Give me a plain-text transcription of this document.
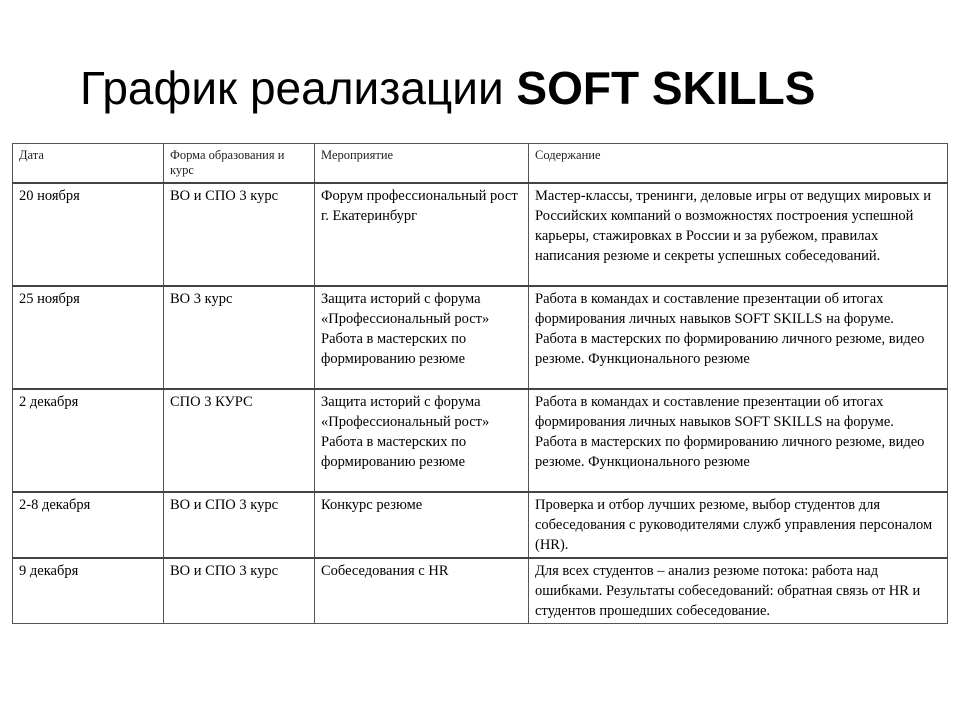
График реализации SOFT SKILLS
Дата	Форма образования и курс	Мероприятие	Содержание
20 ноября	ВО и СПО 3 курс	Форум профессиональный рост г. Екатеринбург	Мастер-классы, тренинги, деловые игры от ведущих мировых и Российских компаний о возможностях построения успешной карьеры, стажировках в России и за рубежом, правилах написания резюме и секреты успешных собеседований.

25 ноября	ВО 3 курс	Защита историй с форума «Профессиональный рост»
Работа в мастерских по формированию резюме	Работа в командах и составление презентации об итогах формирования личных навыков SOFT SKILLS на форуме.
Работа в мастерских по формированию личного резюме, видео резюме. Функционального резюме

2 декабря	СПО 3 КУРС	Защита историй с форума «Профессиональный рост»
Работа в мастерских по формированию резюме	Работа в командах и составление презентации об итогах формирования личных навыков SOFT SKILLS на форуме.
Работа в мастерских по формированию личного резюме, видео резюме. Функционального резюме

2-8 декабря	ВО и СПО 3 курс	Конкурс резюме	Проверка и отбор лучших резюме, выбор студентов для собеседования с руководителями служб управления персоналом (HR).

9 декабря	ВО и СПО 3 курс	Собеседования с HR	Для всех студентов – анализ резюме потока: работа над ошибками. Результаты собеседований: обратная связь от HR и студентов прошедших собеседование.
